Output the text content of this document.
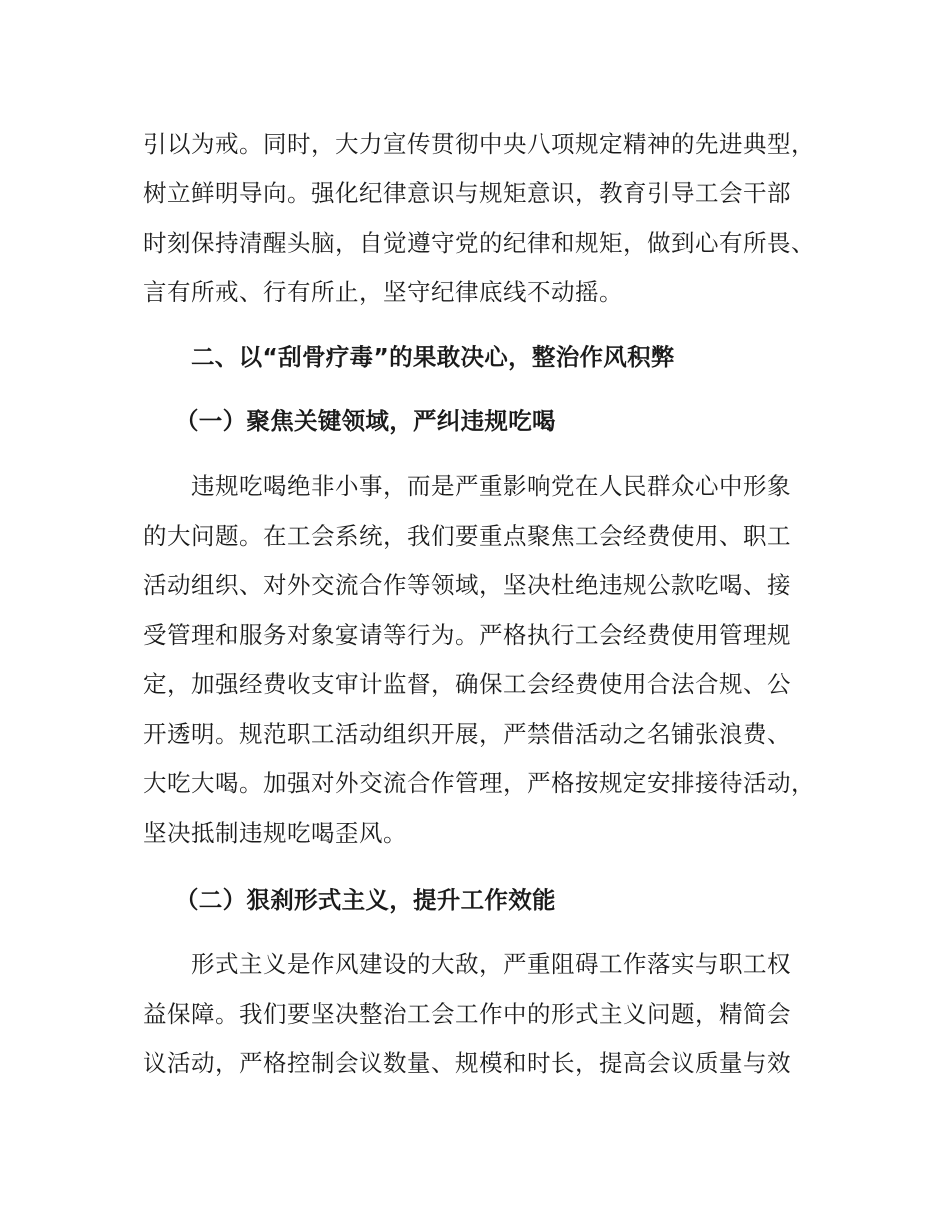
引以为戒。同时，大力宣传贯彻中央八项规定精神的先进典型，
树立鲜明导向。强化纪律意识与规矩意识，教育引导工会干部
时刻保持清醒头脑，自觉遵守党的纪律和规矩，做到心有所畏、
言有所戒、行有所止，坚守纪律底线不动摇。
二、以“刮骨疗毒”的果敢决心，整治作风积弊
（一）聚焦关键领域，严纠违规吃喝
违规吃喝绝非小事，而是严重影响党在人民群众心中形象
的大问题。在工会系统，我们要重点聚焦工会经费使用、职工
活动组织、对外交流合作等领域，坚决杜绝违规公款吃喝、接
受管理和服务对象宴请等行为。严格执行工会经费使用管理规
定，加强经费收支审计监督，确保工会经费使用合法合规、公
开透明。规范职工活动组织开展，严禁借活动之名铺张浪费、
大吃大喝。加强对外交流合作管理，严格按规定安排接待活动，
坚决抵制违规吃喝歪风。
（二）狠刹形式主义，提升工作效能
形式主义是作风建设的大敌，严重阻碍工作落实与职工权
益保障。我们要坚决整治工会工作中的形式主义问题，精简会
议活动，严格控制会议数量、规模和时长，提高会议质量与效
